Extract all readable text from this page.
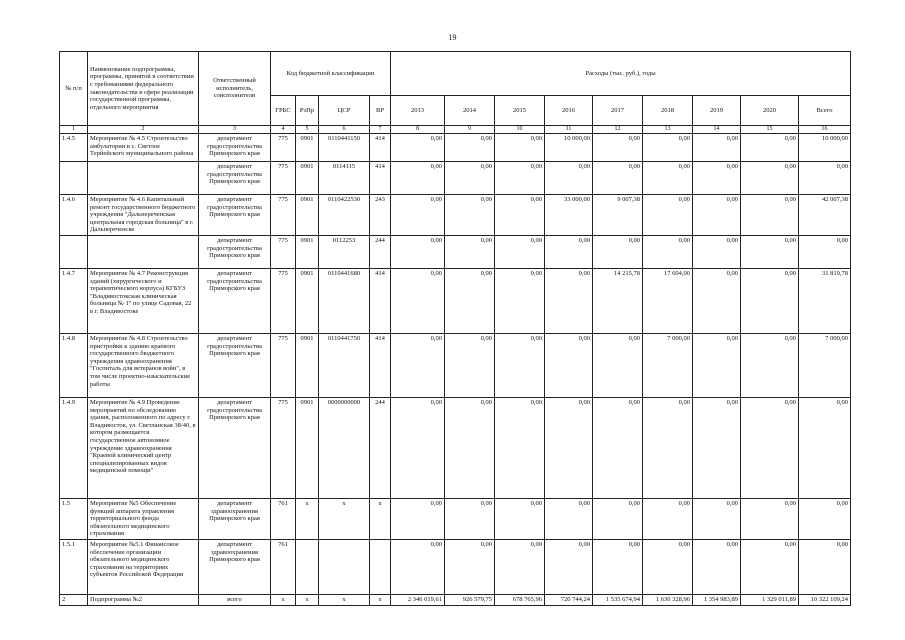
19
№ п/п	Наименование подпрограммы, программы, принятой в соответствии с требованиями федерального законодательства в сфере реализации государственной программы, отдельного мероприятия	Ответственный исполнитель, соисполнители	Код бюджетной классификации				Расходы (тыс. руб.), годы								
			ГРБС	РзПр	ЦСР	ВР	2013	2014	2015	2016	2017	2018	2019	2020	Всего
1	2	3	4	5	6	7	8	9	10	11	12	13	14	15	16
1.4.5	Мероприятие № 4.5 Строительство амбулатории в с. Светлое Терйейского муниципального района	департамент градостроительства Приморского края	775	0901	0110441150	414	0,00	0,00	0,00	10 000,00	0,00	0,00	0,00	0,00	10 000,00
		департамент градостроительства Приморского края	775	0901	0114115	414	0,00	0,00	0,00	0,00	0,00	0,00	0,00	0,00	0,00
1.4.6	Мероприятие № 4.6 Капитальный ремонт государственного бюджетного учреждения "Дальнереченская центральная городская больница" в г. Дальнереченске	департамент градостроительства Приморского края	775	0901	0110422530	243	0,00	0,00	0,00	33 000,00	9 007,38	0,00	0,00	0,00	42 007,38
		департамент градостроительства Приморского края	775	0901	0112253	244	0,00	0,00	0,00	0,00	0,00	0,00	0,00	0,00	0,00
1.4.7	Мероприятие № 4.7 Реконструкция зданий (хирургического и терапевтического корпуса) КГБУЗ "Владивостокская клиническая больница № 1" по улице Садовая, 22 в г. Владивостоке	департамент градостроительства Приморского края	775	0901	0110441680	414	0,00	0,00	0,00	0,00	14 215,78	17 604,00	0,00	0,00	31 819,78
1.4.8	Мероприятие № 4.8 Строительство пристройки к зданию краевого государственного бюджетного учреждения здравоохранения "Госпиталь для ветеранов войн", в том числе проектно-изыскательские работы	департамент градостроительства Приморского края	775	0901	0110441750	414	0,00	0,00	0,00	0,00	0,00	7 000,00	0,00	0,00	7 000,00
1.4.9	Мероприятие № 4.9 Проведение мероприятий по обследованию здания, расположенного по адресу г. Владивосток, ул. Светланская 38/40, в котором размещается государственное автономное учреждение здравоохранения "Краевой клинический центр специализированных видов медицинской помощи"	департамент градостроительства Приморского края	775	0901	0000000000	244	0,00	0,00	0,00	0,00	0,00	0,00	0,00	0,00	0,00
1.5	Мероприятие №5 Обеспечение функций аппарата управления территориального фонда обязательного медицинского страхования	департамент здравоохранения Приморского края	761	х	х	х	0,00	0,00	0,00	0,00	0,00	0,00	0,00	0,00	0,00
1.5.1	Мероприятие №5.1 Финансовое обеспечение организации обязательного медицинского страхования на территориях субъектов Российской Федерации	департамент здравоохранения Приморского края	761				0,00	0,00	0,00	0,00	0,00	0,00	0,00	0,00	0,00
2	Подпрограмма №2	всего	х	х	х	х	2 346 019,61	926 579,75	678 765,96	720 744,24	1 535 674,94	1 630 328,96	1 354 983,89	1 329 011,89	10 322 109,24
